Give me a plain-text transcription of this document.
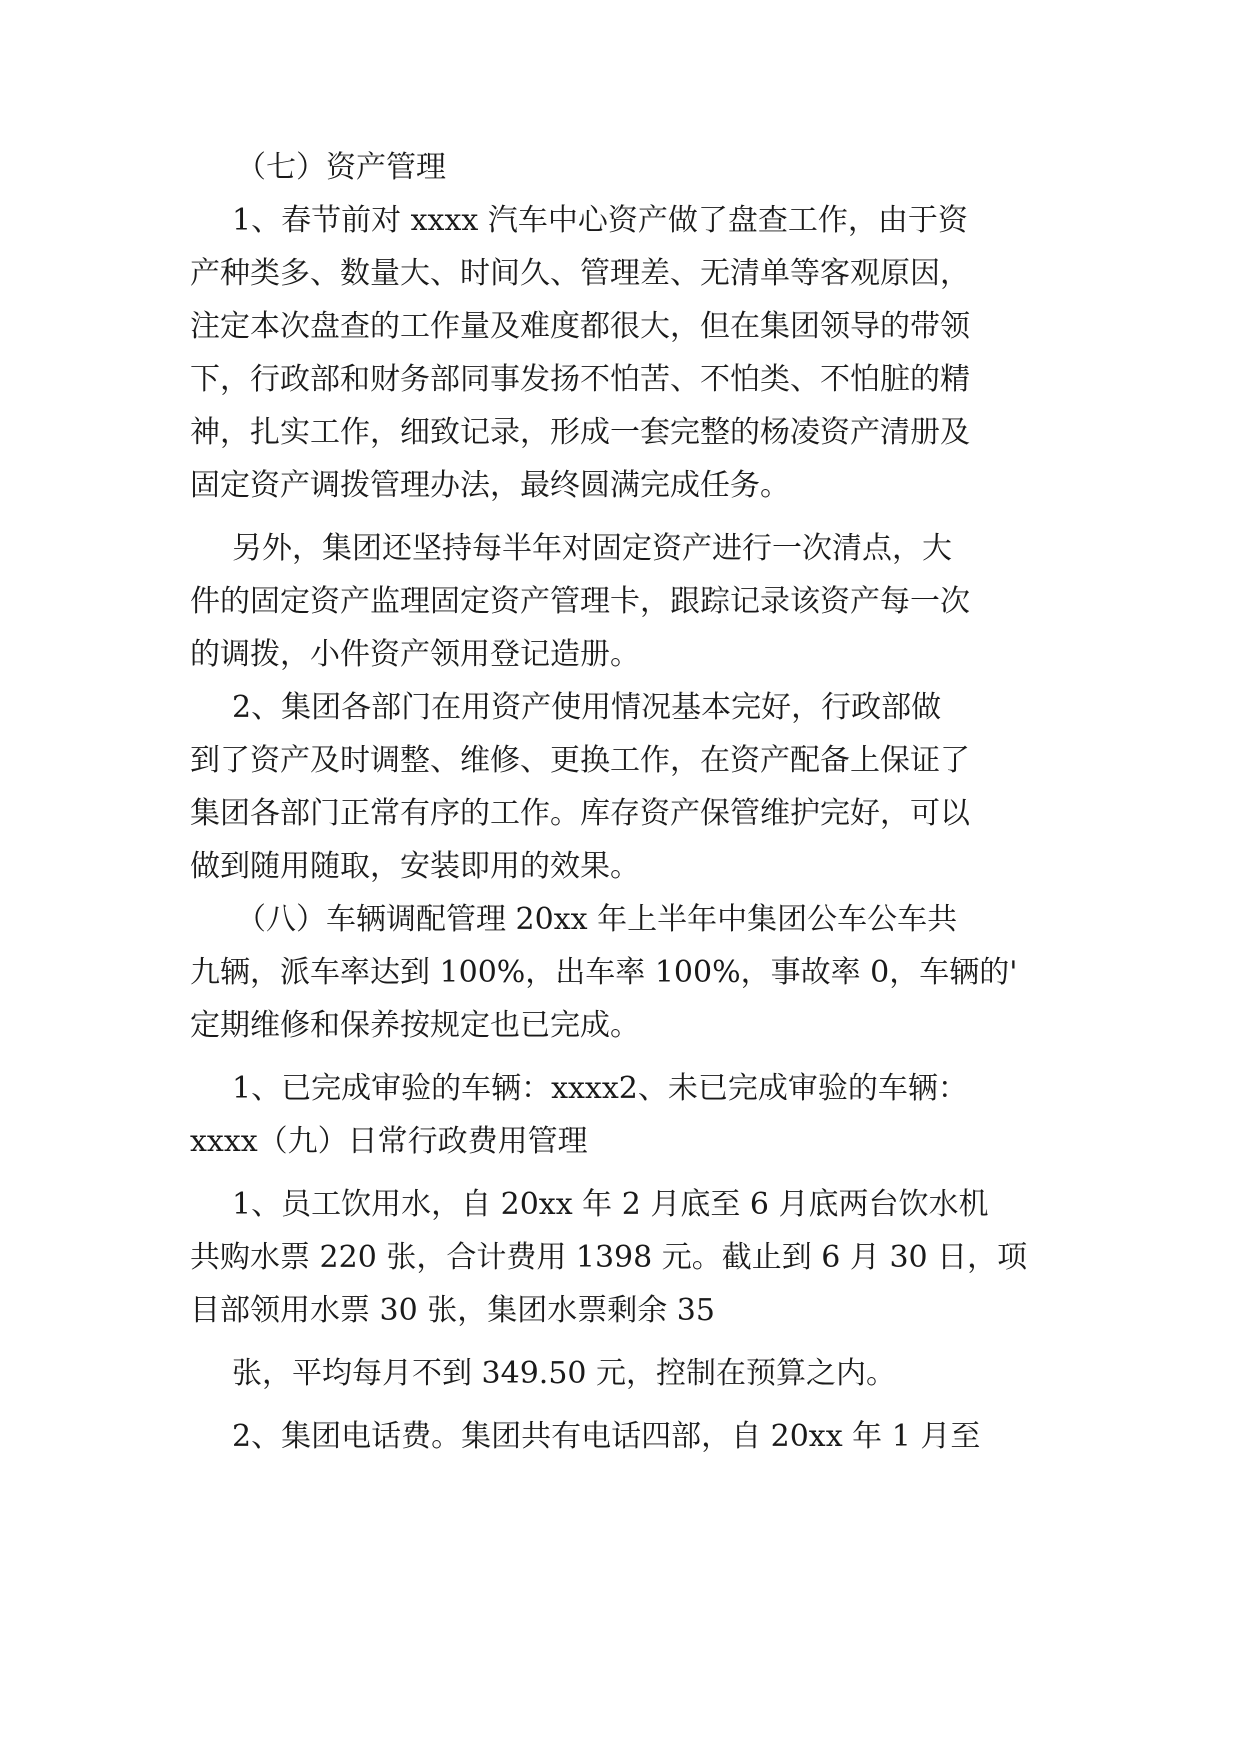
（七）资产管理
1、春节前对 xxxx 汽车中心资产做了盘查工作，由于资
产种类多、数量大、时间久、管理差、无清单等客观原因，
注定本次盘查的工作量及难度都很大，但在集团领导的带领
下，行政部和财务部同事发扬不怕苦、不怕类、不怕脏的精
神，扎实工作，细致记录，形成一套完整的杨凌资产清册及
固定资产调拨管理办法，最终圆满完成任务。
另外，集团还坚持每半年对固定资产进行一次清点，大
件的固定资产监理固定资产管理卡，跟踪记录该资产每一次
的调拨，小件资产领用登记造册。
2、集团各部门在用资产使用情况基本完好，行政部做
到了资产及时调整、维修、更换工作，在资产配备上保证了
集团各部门正常有序的工作。库存资产保管维护完好，可以
做到随用随取，安装即用的效果。
（八）车辆调配管理 20xx 年上半年中集团公车公车共
九辆，派车率达到 100%，出车率 100%，事故率 0，车辆的'
定期维修和保养按规定也已完成。
1、已完成审验的车辆：xxxx2、未已完成审验的车辆：
xxxx（九）日常行政费用管理
1、员工饮用水，自 20xx 年 2 月底至 6 月底两台饮水机
共购水票 220 张，合计费用 1398 元。截止到 6 月 30 日，项
目部领用水票 30 张，集团水票剩余 35
张，平均每月不到 349.50 元，控制在预算之内。
2、集团电话费。集团共有电话四部，自 20xx 年 1 月至
